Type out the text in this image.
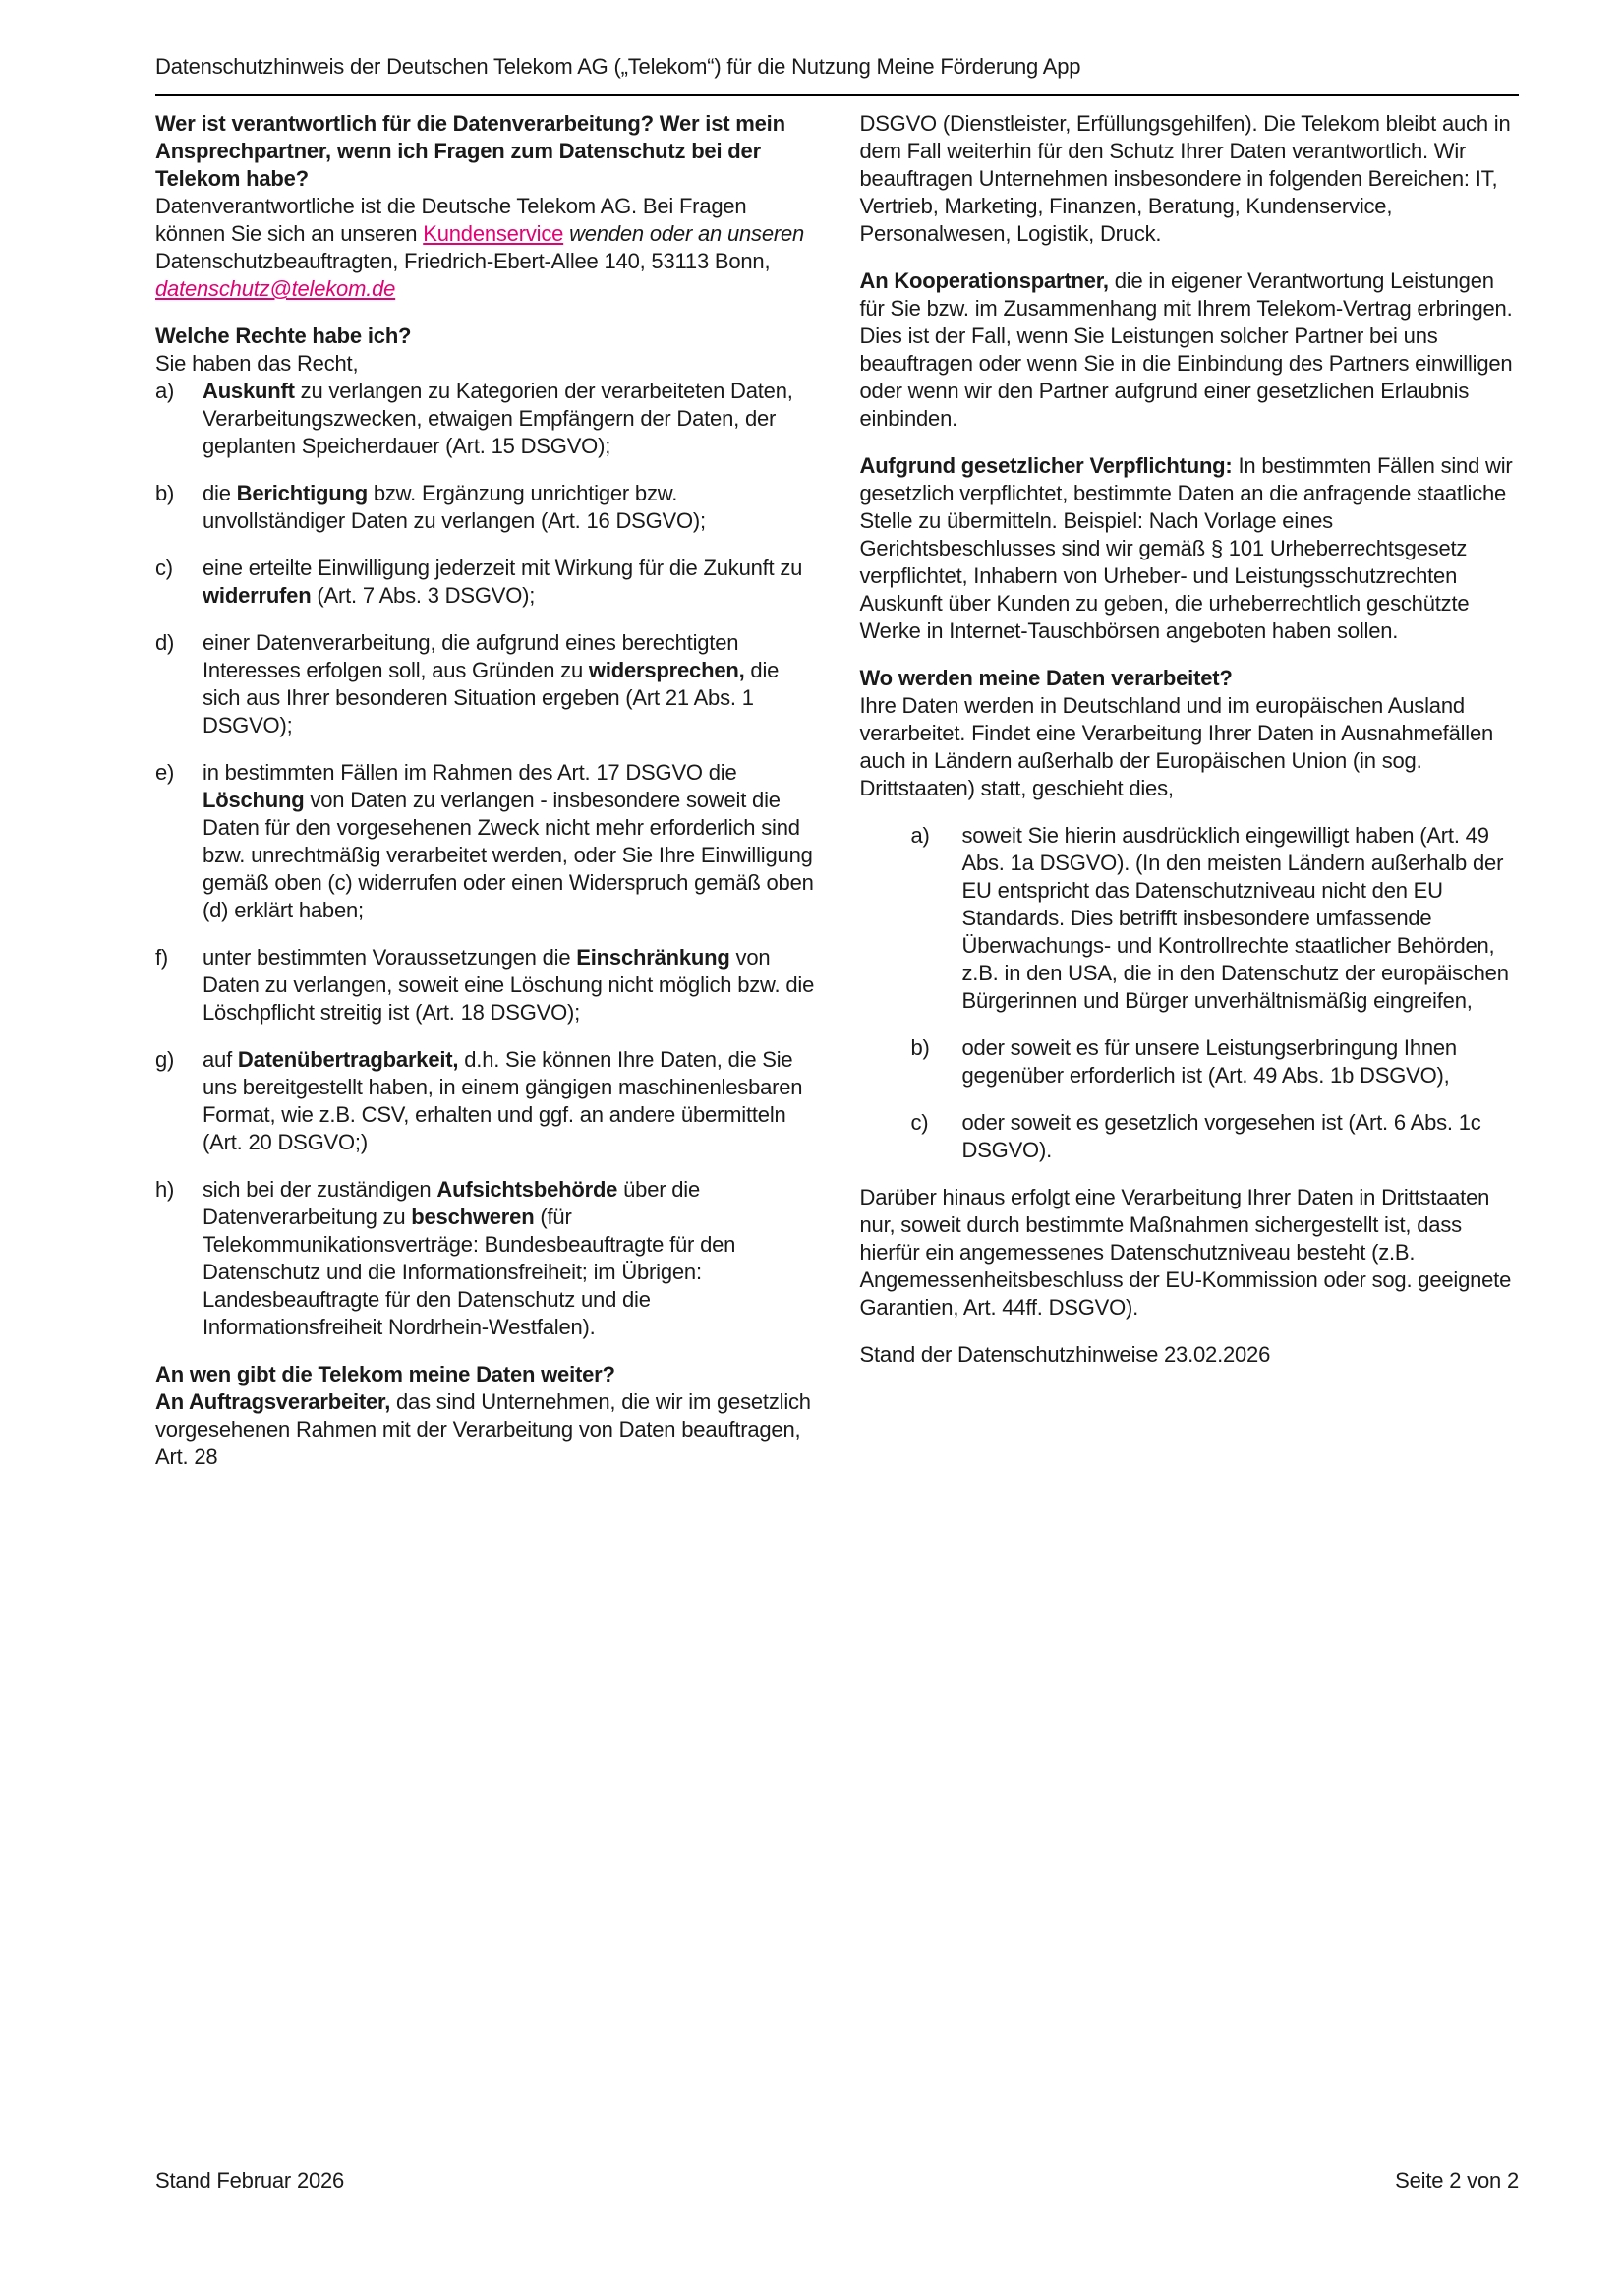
Datenschutzhinweis der Deutschen Telekom AG („Telekom“) für die Nutzung Meine Förderung App
Wer ist verantwortlich für die Datenverarbeitung? Wer ist mein Ansprechpartner, wenn ich Fragen zum Datenschutz bei der Telekom habe?

Datenverantwortliche ist die Deutsche Telekom AG. Bei Fragen können Sie sich an unseren Kundenservice wenden oder an unseren Datenschutzbeauftragten, Friedrich-Ebert-Allee 140, 53113 Bonn, datenschutz@telekom.de

Welche Rechte habe ich?

Sie haben das Recht,

a)	Auskunft zu verlangen zu Kategorien der verarbeiteten Daten, Verarbeitungszwecken, etwaigen Empfängern der Daten, der geplanten Speicherdauer (Art. 15 DSGVO);
b)	die Berichtigung bzw. Ergänzung unrichtiger bzw. unvollständiger Daten zu verlangen (Art. 16 DSGVO);
c)	eine erteilte Einwilligung jederzeit mit Wirkung für die Zukunft zu widerrufen (Art. 7 Abs. 3 DSGVO);
d)	einer Datenverarbeitung, die aufgrund eines berechtigten Interesses erfolgen soll, aus Gründen zu widersprechen, die sich aus Ihrer besonderen Situation ergeben (Art 21 Abs. 1 DSGVO);
e)	in bestimmten Fällen im Rahmen des Art. 17 DSGVO die Löschung von Daten zu verlangen - insbesondere soweit die Daten für den vorgesehenen Zweck nicht mehr erforderlich sind bzw. unrechtmäßig verarbeitet werden, oder Sie Ihre Einwilligung gemäß oben (c) widerrufen oder einen Widerspruch gemäß oben (d) erklärt haben;
f)	unter bestimmten Voraussetzungen die Einschränkung von Daten zu verlangen, soweit eine Löschung nicht möglich bzw. die Löschpflicht streitig ist (Art. 18 DSGVO);
g)	auf Datenübertragbarkeit, d.h. Sie können Ihre Daten, die Sie uns bereitgestellt haben, in einem gängigen maschinenlesbaren Format, wie z.B. CSV, erhalten und ggf. an andere übermitteln (Art. 20 DSGVO;)
h)	sich bei der zuständigen Aufsichtsbehörde über die Datenverarbeitung zu beschweren (für Telekommunikationsverträge: Bundesbeauftragte für den Datenschutz und die Informationsfreiheit; im Übrigen: Landesbeauftragte für den Datenschutz und die Informationsfreiheit Nordrhein-Westfalen).
An wen gibt die Telekom meine Daten weiter?

An Auftragsverarbeiter, das sind Unternehmen, die wir im gesetzlich vorgesehenen Rahmen mit der Verarbeitung von Daten beauftragen, Art. 28

DSGVO (Dienstleister, Erfüllungsgehilfen). Die Telekom bleibt auch in dem Fall weiterhin für den Schutz Ihrer Daten verantwortlich. Wir beauftragen Unternehmen insbesondere in folgenden Bereichen: IT, Vertrieb, Marketing, Finanzen, Beratung, Kundenservice, Personalwesen, Logistik, Druck.

An Kooperationspartner, die in eigener Verantwortung Leistungen für Sie bzw. im Zusammenhang mit Ihrem Telekom-Vertrag erbringen. Dies ist der Fall, wenn Sie Leistungen solcher Partner bei uns beauftragen oder wenn Sie in die Einbindung des Partners einwilligen oder wenn wir den Partner aufgrund einer gesetzlichen Erlaubnis einbinden.

Aufgrund gesetzlicher Verpflichtung: In bestimmten Fällen sind wir gesetzlich verpflichtet, bestimmte Daten an die anfragende staatliche Stelle zu übermitteln. Beispiel: Nach Vorlage eines Gerichtsbeschlusses sind wir gemäß § 101 Urheberrechtsgesetz verpflichtet, Inhabern von Urheber- und Leistungsschutzrechten Auskunft über Kunden zu geben, die urheberrechtlich geschützte Werke in Internet-Tauschbörsen angeboten haben sollen.

Wo werden meine Daten verarbeitet?

Ihre Daten werden in Deutschland und im europäischen Ausland verarbeitet. Findet eine Verarbeitung Ihrer Daten in Ausnahmefällen auch in Ländern außerhalb der Europäischen Union (in sog. Drittstaaten) statt, geschieht dies,

a)	soweit Sie hierin ausdrücklich eingewilligt haben (Art. 49 Abs. 1a DSGVO). (In den meisten Ländern außerhalb der EU entspricht das Datenschutzniveau nicht den EU Standards. Dies betrifft insbesondere umfassende Überwachungs- und Kontrollrechte staatlicher Behörden, z.B. in den USA, die in den Datenschutz der europäischen Bürgerinnen und Bürger unverhältnismäßig eingreifen,
b)	oder soweit es für unsere Leistungserbringung Ihnen gegenüber erforderlich ist (Art. 49 Abs. 1b DSGVO),
c)	oder soweit es gesetzlich vorgesehen ist (Art. 6 Abs. 1c DSGVO).

Darüber hinaus erfolgt eine Verarbeitung Ihrer Daten in Drittstaaten nur, soweit durch bestimmte Maßnahmen sichergestellt ist, dass hierfür ein angemessenes Datenschutzniveau besteht (z.B. Angemessenheitsbeschluss der EU-Kommission oder sog. geeignete Garantien, Art. 44ff. DSGVO).

Stand der Datenschutzhinweise 23.02.2026

Stand Februar 2026	Seite 2 von 2
